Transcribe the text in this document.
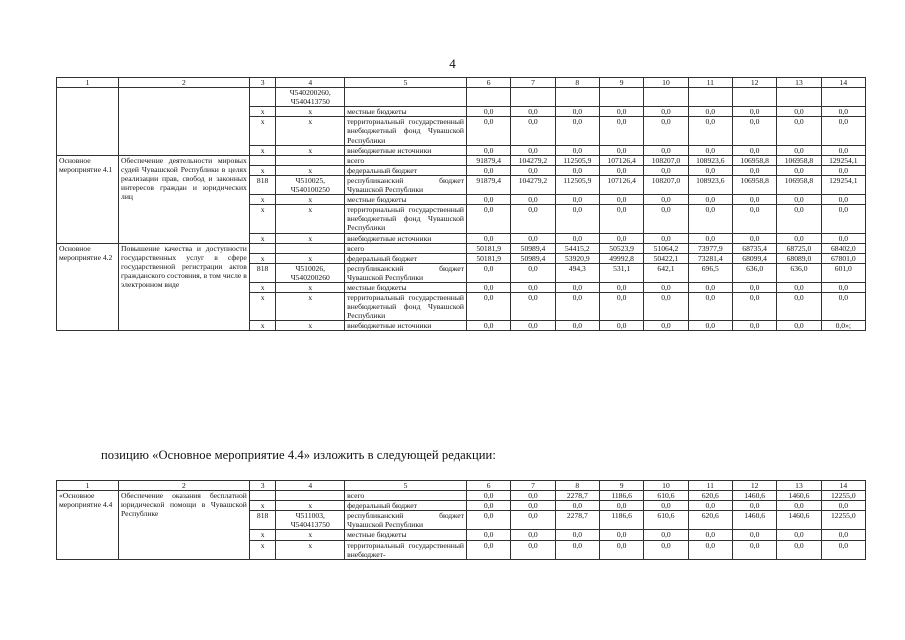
4
1	2	3	4	5	6	7	8	9	10	11	12	13	14
			Ч540200260,
Ч540413750										
		x	x	местные бюджеты	0,0	0,0	0,0	0,0	0,0	0,0	0,0	0,0	0,0
		x	x	территориальный государственный внебюджетный фонд Чувашской Республики	0,0	0,0	0,0	0,0	0,0	0,0	0,0	0,0	0,0
		x	x	внебюджетные источники	0,0	0,0	0,0	0,0	0,0	0,0	0,0	0,0	0,0
Основное мероприятие 4.1	Обеспечение деятельности мировых судей Чувашской Республики в целях реализации прав, свобод и законных интересов граждан и юридических лиц			всего	91879,4	104279,2	112505,9	107126,4	108207,0	108923,6	106958,8	106958,8	129254,1
		x	x	федеральный бюджет	0,0	0,0	0,0	0,0	0,0	0,0	0,0	0,0	0,0
		818	Ч510025,
Ч540100250	республиканский бюджет Чувашской Республики	91879,4	104279,2	112505,9	107126,4	108207,0	108923,6	106958,8	106958,8	129254,1
		x	x	местные бюджеты	0,0	0,0	0,0	0,0	0,0	0,0	0,0	0,0	0,0
		x	x	территориальный государственный внебюджетный фонд Чувашской Республики	0,0	0,0	0,0	0,0	0,0	0,0	0,0	0,0	0,0
		x	x	внебюджетные источники	0,0	0,0	0,0	0,0	0,0	0,0	0,0	0,0	0,0
Основное мероприятие 4.2	Повышение качества и доступности государственных услуг в сфере государственной регистрации актов гражданского состояния, в том числе в электронном виде			всего	50181,9	50989,4	54415,2	50523,9	51064,2	73977,9	68735,4	68725,0	68402,0
		x	x	федеральный бюджет	50181,9	50989,4	53920,9	49992,8	50422,1	73281,4	68099,4	68089,0	67801,0
		818	Ч510026,
Ч540200260	республиканский бюджет Чувашской Республики	0,0	0,0	494,3	531,1	642,1	696,5	636,0	636,0	601,0
		x	x	местные бюджеты	0,0	0,0	0,0	0,0	0,0	0,0	0,0	0,0	0,0
		x	x	территориальный государственный внебюджетный фонд Чувашской Республики	0,0	0,0	0,0	0,0	0,0	0,0	0,0	0,0	0,0
		x	x	внебюджетные источники	0,0	0,0	0,0	0,0	0,0	0,0	0,0	0,0	0,0»;
позицию «Основное мероприятие 4.4» изложить в следующей редакции:
1	2	3	4	5	6	7	8	9	10	11	12	13	14
«Основное мероприятие 4.4	Обеспечение оказания бесплатной юридической помощи в Чувашской Республике			всего	0,0	0,0	2278,7	1186,6	610,6	620,6	1460,6	1460,6	12255,0
		x	x	федеральный бюджет	0,0	0,0	0,0	0,0	0,0	0,0	0,0	0,0	0,0
		818	Ч511003,
Ч540413750	республиканский бюджет Чувашской Республики	0,0	0,0	2278,7	1186,6	610,6	620,6	1460,6	1460,6	12255,0
		x	x	местные бюджеты	0,0	0,0	0,0	0,0	0,0	0,0	0,0	0,0	0,0
		x	x	территориальный государственный внебюджет-	0,0	0,0	0,0	0,0	0,0	0,0	0,0	0,0	0,0
